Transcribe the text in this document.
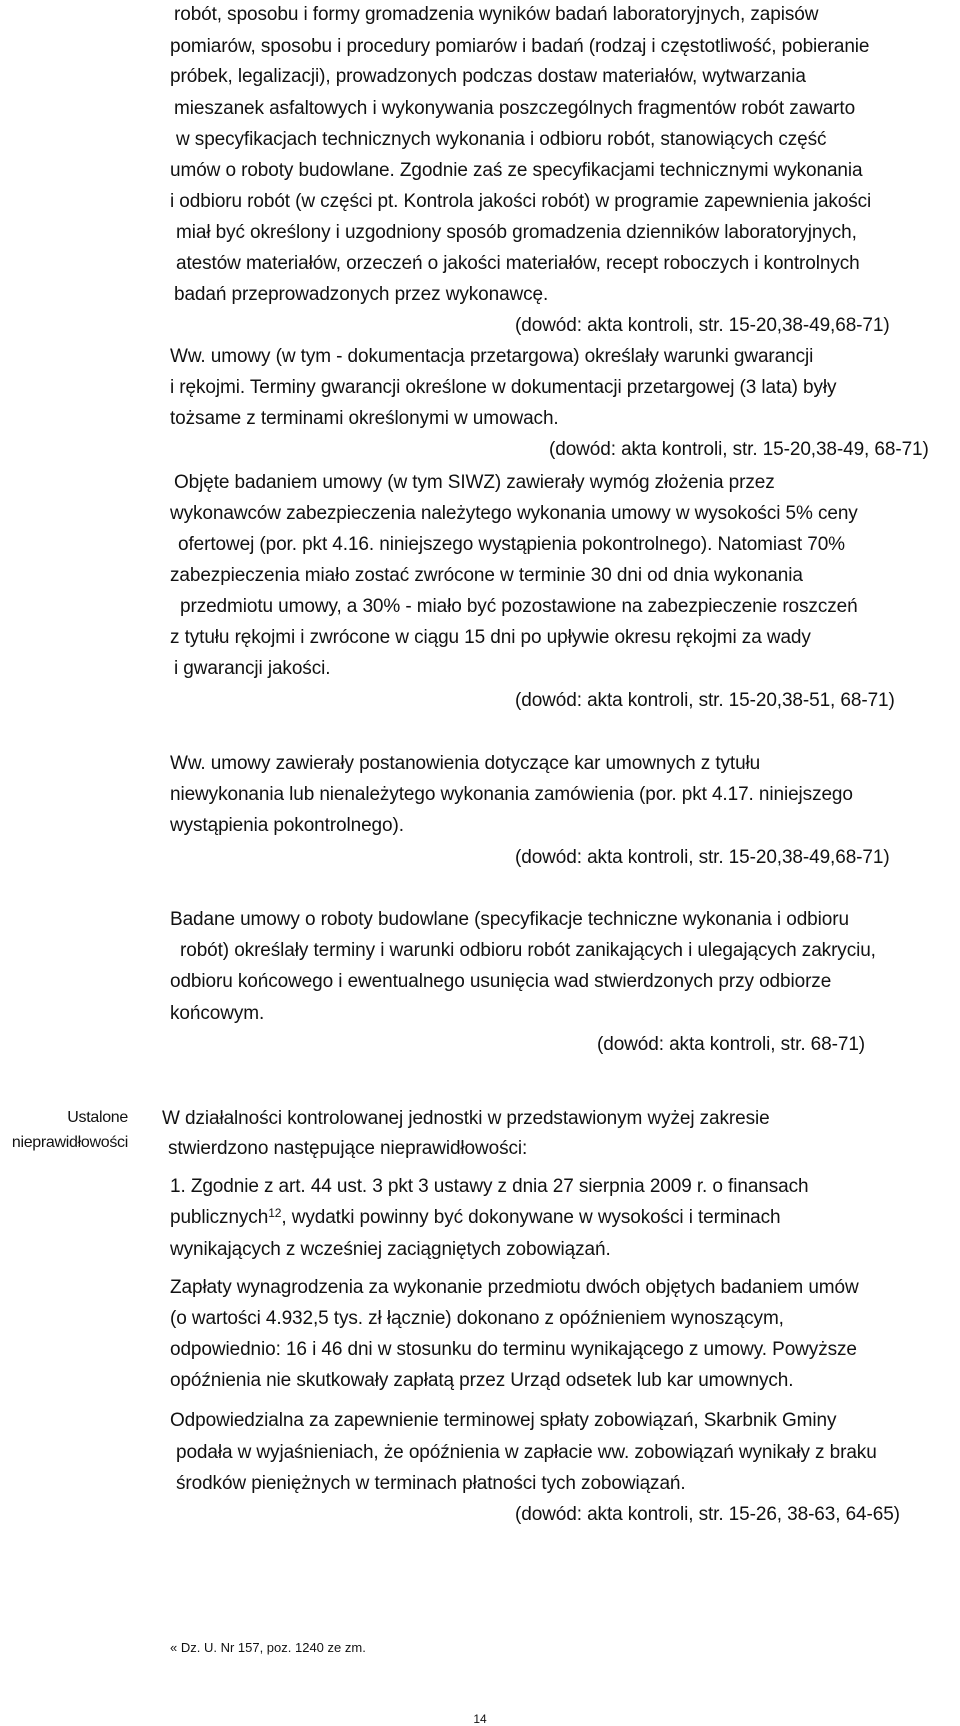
robót, sposobu i formy gromadzenia wyników badań laboratoryjnych, zapisów
pomiarów, sposobu i procedury pomiarów i badań (rodzaj i częstotliwość, pobieranie
próbek, legalizacji), prowadzonych podczas dostaw materiałów, wytwarzania
mieszanek asfaltowych i wykonywania poszczególnych fragmentów robót zawarto
w specyfikacjach technicznych wykonania i odbioru robót, stanowiących część
umów o roboty budowlane. Zgodnie zaś ze specyfikacjami technicznymi wykonania
i odbioru robót (w części pt. Kontrola jakości robót) w programie zapewnienia jakości
miał być określony i uzgodniony sposób gromadzenia dzienników laboratoryjnych,
atestów materiałów, orzeczeń o jakości materiałów, recept roboczych i kontrolnych
badań przeprowadzonych przez wykonawcę.
(dowód: akta kontroli, str. 15-20,38-49,68-71)
Ww. umowy (w tym - dokumentacja przetargowa) określały warunki gwarancji
i rękojmi. Terminy gwarancji określone w dokumentacji przetargowej (3 lata) były
tożsame z terminami określonymi w umowach.
(dowód: akta kontroli, str. 15-20,38-49, 68-71)
Objęte badaniem umowy (w tym SIWZ) zawierały wymóg złożenia przez
wykonawców zabezpieczenia należytego wykonania umowy w wysokości 5% ceny
ofertowej (por. pkt 4.16. niniejszego wystąpienia pokontrolnego). Natomiast 70%
zabezpieczenia miało zostać zwrócone w terminie 30 dni od dnia wykonania
przedmiotu umowy, a 30% - miało być pozostawione na zabezpieczenie roszczeń
z tytułu rękojmi i zwrócone w ciągu 15 dni po upływie okresu rękojmi za wady
i gwarancji jakości.
(dowód: akta kontroli, str. 15-20,38-51, 68-71)
Ww. umowy zawierały postanowienia dotyczące kar umownych z tytułu
niewykonania lub nienależytego wykonania zamówienia (por. pkt 4.17. niniejszego
wystąpienia pokontrolnego).
(dowód: akta kontroli, str. 15-20,38-49,68-71)
Badane umowy o roboty budowlane (specyfikacje techniczne wykonania i odbioru
robót) określały terminy i warunki odbioru robót zanikających i ulegających zakryciu,
odbioru końcowego i ewentualnego usunięcia wad stwierdzonych przy odbiorze
końcowym.
(dowód: akta kontroli, str. 68-71)
Ustalone
nieprawidłowości
W działalności kontrolowanej jednostki w przedstawionym wyżej zakresie
stwierdzono następujące nieprawidłowości:
1. Zgodnie z art. 44 ust. 3 pkt 3 ustawy z dnia 27 sierpnia 2009 r. o finansach
publicznych$^{12}$, wydatki powinny być dokonywane w wysokości i terminach
wynikających z wcześniej zaciągniętych zobowiązań.
Zapłaty wynagrodzenia za wykonanie przedmiotu dwóch objętych badaniem umów
(o wartości 4.932,5 tys. zł łącznie) dokonano z opóźnieniem wynoszącym,
odpowiednio: 16 i 46 dni w stosunku do terminu wynikającego z umowy. Powyższe
opóźnienia nie skutkowały zapłatą przez Urząd odsetek lub kar umownych.
Odpowiedzialna za zapewnienie terminowej spłaty zobowiązań, Skarbnik Gminy
podała w wyjaśnieniach, że opóźnienia w zapłacie ww. zobowiązań wynikały z braku
środków pieniężnych w terminach płatności tych zobowiązań.
(dowód: akta kontroli, str. 15-26, 38-63, 64-65)
« Dz. U. Nr 157, poz. 1240 ze zm.
14
